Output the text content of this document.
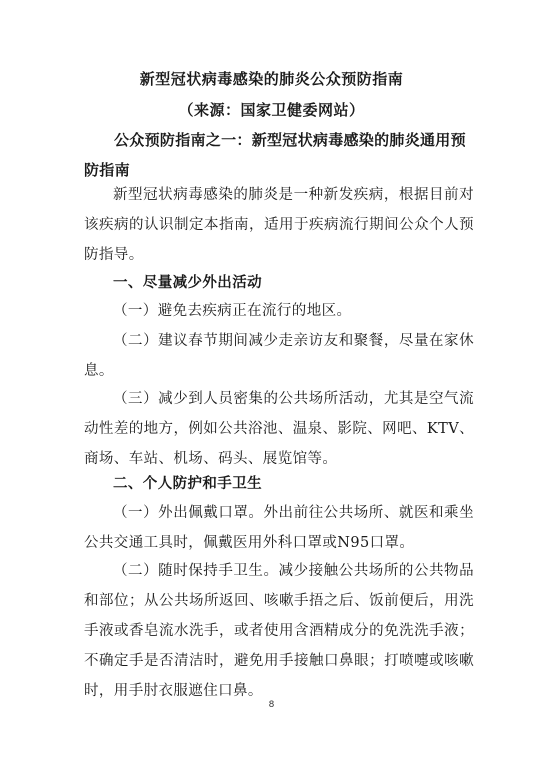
新型冠状病毒感染的肺炎公众预防指南
（来源：国家卫健委网站）
公众预防指南之一：新型冠状病毒感染的肺炎通用预防指南
新型冠状病毒感染的肺炎是一种新发疾病，根据目前对该疾病的认识制定本指南，适用于疾病流行期间公众个人预防指导。
一、尽量减少外出活动
（一）避免去疾病正在流行的地区。
（二）建议春节期间减少走亲访友和聚餐，尽量在家休息。
（三）减少到人员密集的公共场所活动，尤其是空气流动性差的地方，例如公共浴池、温泉、影院、网吧、KTV、商场、车站、机场、码头、展览馆等。
二、个人防护和手卫生
（一）外出佩戴口罩。外出前往公共场所、就医和乘坐公共交通工具时，佩戴医用外科口罩或N95口罩。
（二）随时保持手卫生。减少接触公共场所的公共物品和部位；从公共场所返回、咳嗽手捂之后、饭前便后，用洗手液或香皂流水洗手，或者使用含酒精成分的免洗洗手液；不确定手是否清洁时，避免用手接触口鼻眼；打喷嚏或咳嗽时，用手肘衣服遮住口鼻。
8
